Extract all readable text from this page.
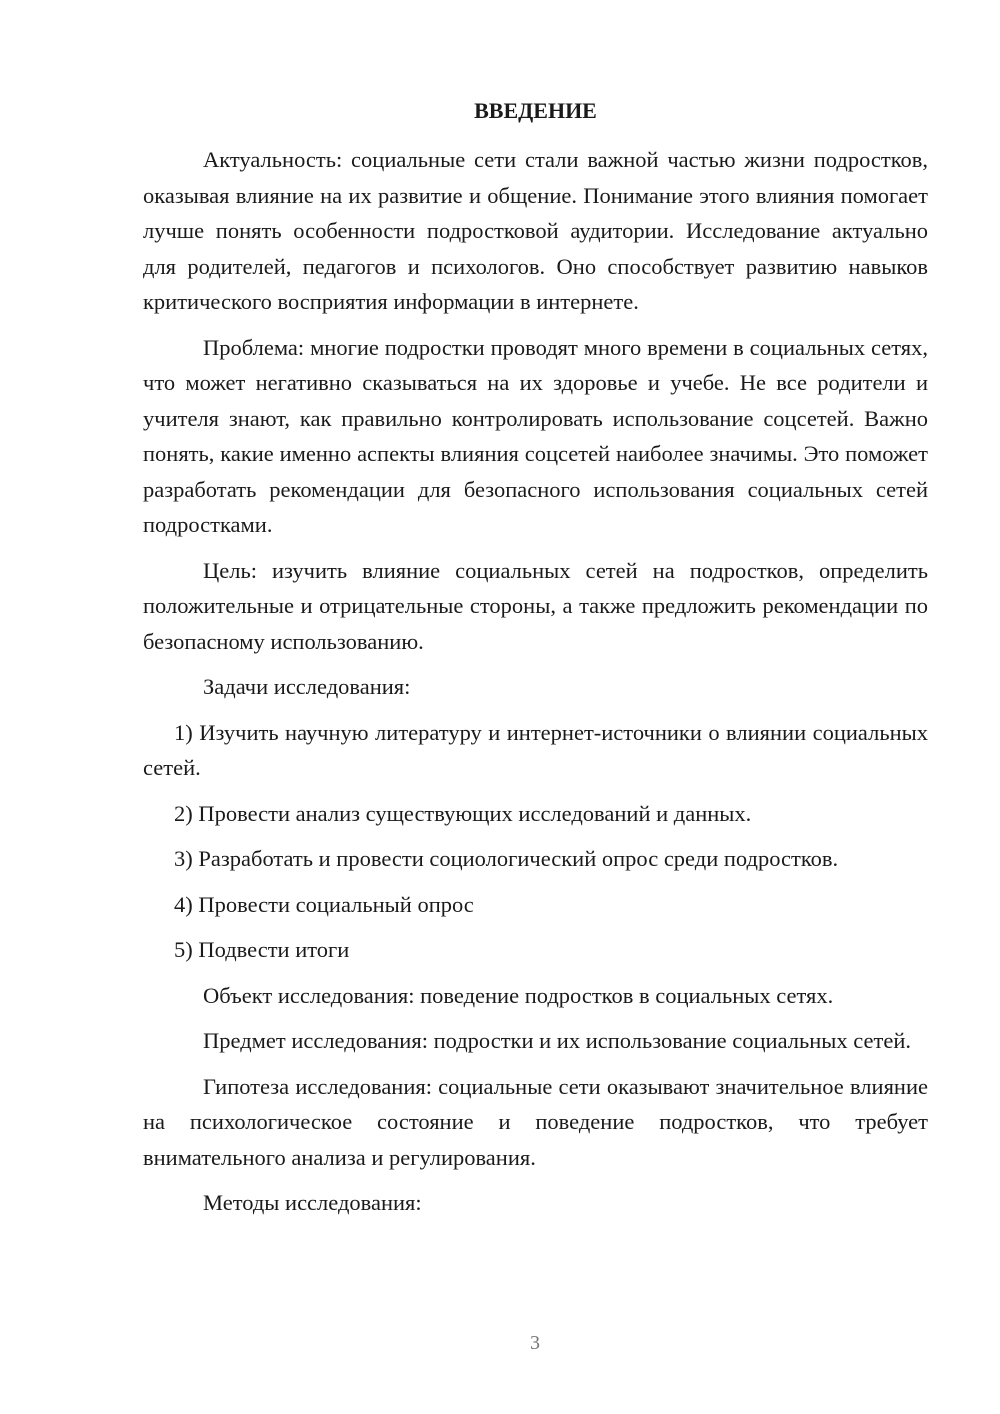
ВВЕДЕНИЕ

Актуальность: социальные сети стали важной частью жизни подростков, оказывая влияние на их развитие и общение. Понимание этого влияния помогает лучше понять особенности подростковой аудитории. Исследование актуально для родителей, педагогов и психологов. Оно способствует развитию навыков критического восприятия информации в интернете.

Проблема: многие подростки проводят много времени в социальных сетях, что может негативно сказываться на их здоровье и учебе. Не все родители и учителя знают, как правильно контролировать использование соцсетей. Важно понять, какие именно аспекты влияния соцсетей наиболее значимы. Это поможет разработать рекомендации для безопасного использования социальных сетей подростками.

Цель: изучить влияние социальных сетей на подростков, определить положительные и отрицательные стороны, а также предложить рекомендации по безопасному использованию.

Задачи исследования:

1) Изучить научную литературу и интернет-источники о влиянии социальных сетей.

2) Провести анализ существующих исследований и данных.

3) Разработать и провести социологический опрос среди подростков.

4) Провести социальный опрос

5) Подвести итоги

Объект исследования: поведение подростков в социальных сетях.

Предмет исследования: подростки и их использование социальных сетей.

Гипотеза исследования: социальные сети оказывают значительное влияние на психологическое состояние и поведение подростков, что требует внимательного анализа и регулирования.

Методы исследования:

3
